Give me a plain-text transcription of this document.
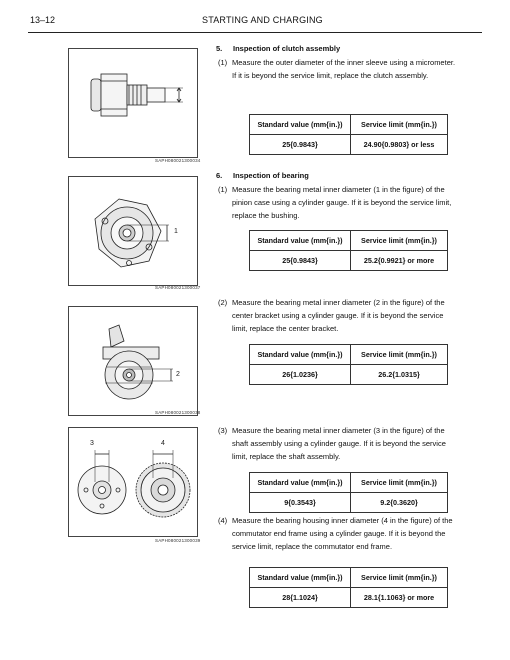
13–12	STARTING AND CHARGING
SAPH080021300034
1
SAPH080021300037
2
SAPH080021300038
3	4
SAPH080021300039
5. Inspection of clutch assembly
(1) Measure the outer diameter of the inner sleeve using a micrometer.

If it is beyond the service limit, replace the clutch assembly.

Standard value (mm{in.})	Service limit (mm{in.})
25{0.9843}	24.90{0.9803} or less
6. Inspection of bearing
(1) Measure the bearing metal inner diameter (1 in the figure) of the pinion case using a cylinder gauge. If it is beyond the service limit, replace the bushing.

Standard value (mm{in.})	Service limit (mm{in.})
25{0.9843}	25.2{0.9921} or more
(2) Measure the bearing metal inner diameter (2 in the figure) of the center bracket using a cylinder gauge. If it is beyond the service limit, replace the center bracket.

Standard value (mm{in.})	Service limit (mm{in.})
26{1.0236}	26.2{1.0315}
(3) Measure the bearing metal inner diameter (3 in the figure) of the shaft assembly using a cylinder gauge. If it is beyond the service limit, replace the shaft assembly.

Standard value (mm{in.})	Service limit (mm{in.})
9{0.3543}	9.2{0.3620}
(4) Measure the bearing housing inner diameter (4 in the figure) of the commutator end frame using a cylinder gauge. If it is beyond the service limit, replace the commutator end frame.

Standard value (mm{in.})	Service limit (mm{in.})
28{1.1024}	28.1{1.1063} or more
